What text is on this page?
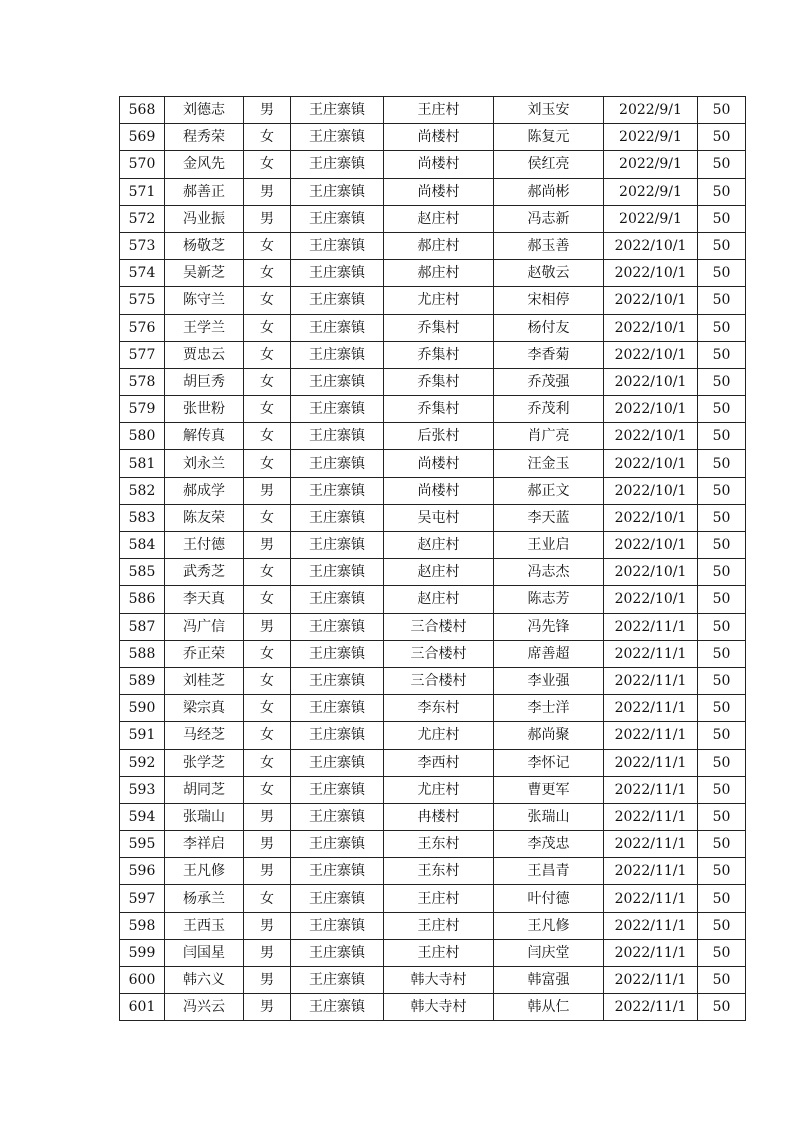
568	刘德志	男	王庄寨镇	王庄村	刘玉安	2022/9/1	50
569	程秀荣	女	王庄寨镇	尚楼村	陈复元	2022/9/1	50
570	金风先	女	王庄寨镇	尚楼村	侯红亮	2022/9/1	50
571	郝善正	男	王庄寨镇	尚楼村	郝尚彬	2022/9/1	50
572	冯业振	男	王庄寨镇	赵庄村	冯志新	2022/9/1	50
573	杨敬芝	女	王庄寨镇	郝庄村	郝玉善	2022/10/1	50
574	吴新芝	女	王庄寨镇	郝庄村	赵敬云	2022/10/1	50
575	陈守兰	女	王庄寨镇	尤庄村	宋相停	2022/10/1	50
576	王学兰	女	王庄寨镇	乔集村	杨付友	2022/10/1	50
577	贾忠云	女	王庄寨镇	乔集村	李香菊	2022/10/1	50
578	胡巨秀	女	王庄寨镇	乔集村	乔茂强	2022/10/1	50
579	张世粉	女	王庄寨镇	乔集村	乔茂利	2022/10/1	50
580	解传真	女	王庄寨镇	后张村	肖广亮	2022/10/1	50
581	刘永兰	女	王庄寨镇	尚楼村	汪金玉	2022/10/1	50
582	郝成学	男	王庄寨镇	尚楼村	郝正文	2022/10/1	50
583	陈友荣	女	王庄寨镇	吴屯村	李天蓝	2022/10/1	50
584	王付德	男	王庄寨镇	赵庄村	王业启	2022/10/1	50
585	武秀芝	女	王庄寨镇	赵庄村	冯志杰	2022/10/1	50
586	李天真	女	王庄寨镇	赵庄村	陈志芳	2022/10/1	50
587	冯广信	男	王庄寨镇	三合楼村	冯先锋	2022/11/1	50
588	乔正荣	女	王庄寨镇	三合楼村	席善超	2022/11/1	50
589	刘桂芝	女	王庄寨镇	三合楼村	李业强	2022/11/1	50
590	梁宗真	女	王庄寨镇	李东村	李士洋	2022/11/1	50
591	马经芝	女	王庄寨镇	尤庄村	郝尚聚	2022/11/1	50
592	张学芝	女	王庄寨镇	李西村	李怀记	2022/11/1	50
593	胡同芝	女	王庄寨镇	尤庄村	曹更军	2022/11/1	50
594	张瑞山	男	王庄寨镇	冉楼村	张瑞山	2022/11/1	50
595	李祥启	男	王庄寨镇	王东村	李茂忠	2022/11/1	50
596	王凡修	男	王庄寨镇	王东村	王昌青	2022/11/1	50
597	杨承兰	女	王庄寨镇	王庄村	叶付德	2022/11/1	50
598	王西玉	男	王庄寨镇	王庄村	王凡修	2022/11/1	50
599	闫国星	男	王庄寨镇	王庄村	闫庆堂	2022/11/1	50
600	韩六义	男	王庄寨镇	韩大寺村	韩富强	2022/11/1	50
601	冯兴云	男	王庄寨镇	韩大寺村	韩从仁	2022/11/1	50
